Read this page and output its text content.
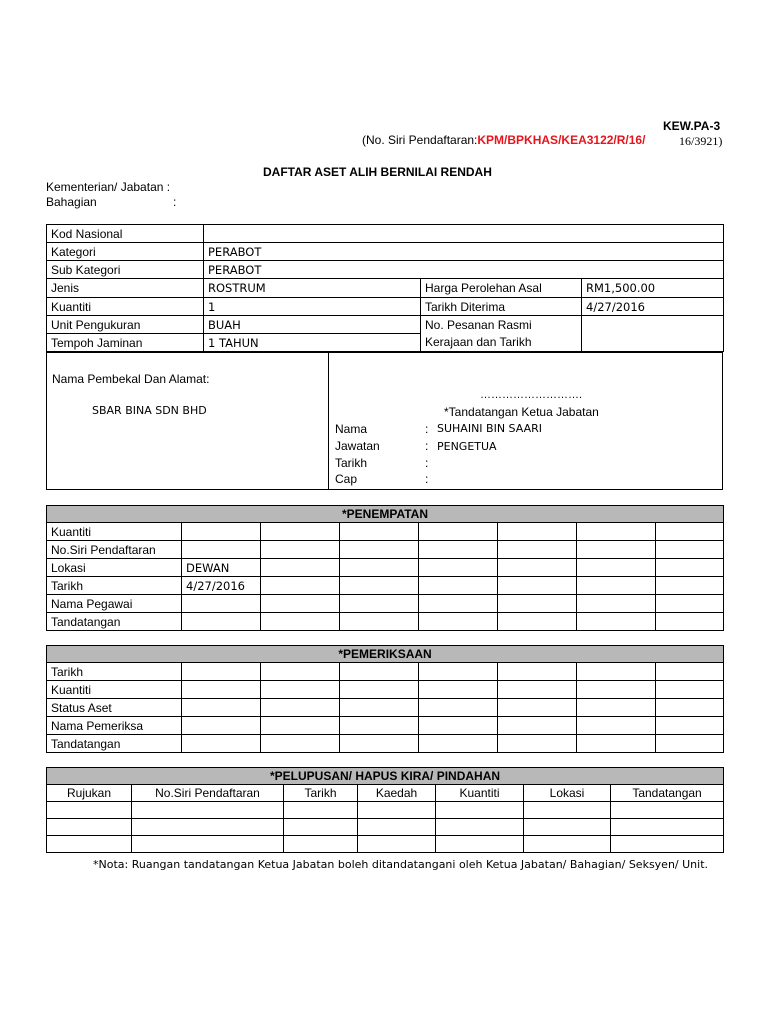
KEW.PA-3
(No. Siri Pendaftaran:KPM/BPKHAS/KEA3122/R/16/	16/3921)
DAFTAR ASET ALIH BERNILAI RENDAH
Kementerian/ Jabatan :
Bahagian	:
Kod Nasional			
Kategori	PERABOT		
Sub Kategori	PERABOT		
Jenis	ROSTRUM	Harga Perolehan Asal	RM1,500.00
Kuantiti	1	Tarikh Diterima	4/27/2016
Unit Pengukuran	BUAH	No. Pesanan Rasmi
Kerajaan dan Tarikh	

Tempoh Jaminan	1 TAHUN		
Nama Pembekal Dan Alamat:
SBAR BINA SDN BHD
……………………….
*Tandatangan Ketua Jabatan
Nama	: SUHAINI BIN SAARI
Jawatan	: PENGETUA
Tarikh	:
Cap	:
*PENEMPATAN							
Kuantiti							
No.Siri Pendaftaran							
Lokasi	DEWAN						
Tarikh	4/27/2016						
Nama Pegawai							
Tandatangan							
*PEMERIKSAAN							
Tarikh							
Kuantiti							
Status Aset							
Nama Pemeriksa							
Tandatangan							
*PELUPUSAN/ HAPUS KIRA/ PINDAHAN						
Rujukan	No.Siri Pendaftaran	Tarikh	Kaedah	Kuantiti	Lokasi	Tandatangan

*Nota: Ruangan tandatangan Ketua Jabatan boleh ditandatangani oleh Ketua Jabatan/ Bahagian/ Seksyen/ Unit.
